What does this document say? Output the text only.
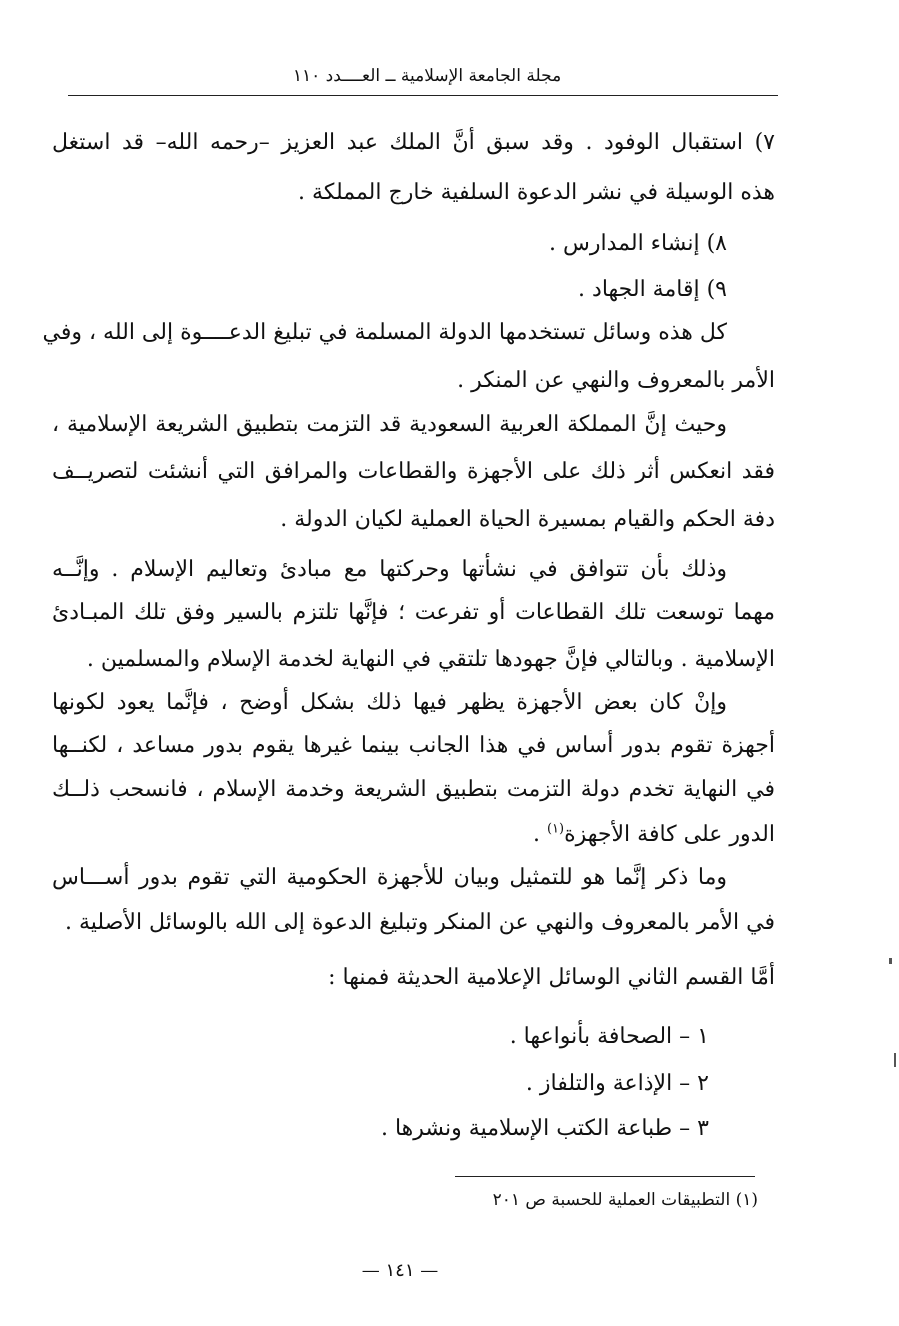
مجلة الجامعة الإسلامية ــ العــــدد ١١٠
٧) استقبال الوفود . وقد سبق أنَّ الملك عبد العزيز –رحمه الله– قد استغل
هذه الوسيلة في نشر الدعوة السلفية خارج المملكة .
٨) إنشاء المدارس .
٩) إقامة الجهاد .
كل هذه وسائل تستخدمها الدولة المسلمة في تبليغ الدعــــوة إلى الله ، وفي
الأمر بالمعروف والنهي عن المنكر .
وحيث إنَّ المملكة العربية السعودية قد التزمت بتطبيق الشريعة الإسلامية ،
فقد انعكس أثر ذلك على الأجهزة والقطاعات والمرافق التي أنشئت لتصريــف
دفة الحكم والقيام بمسيرة الحياة العملية لكيان الدولة .
وذلك بأن تتوافق في نشأتها وحركتها مع مبادئ وتعاليم الإسلام . وإنَّــه
مهما توسعت تلك القطاعات أو تفرعت ؛ فإنَّها تلتزم بالسير وفق تلك المبـادئ
الإسلامية . وبالتالي فإنَّ جهودها تلتقي في النهاية لخدمة الإسلام والمسلمين .
وإنْ كان بعض الأجهزة يظهر فيها ذلك بشكل أوضح ، فإنَّما يعود لكونها
أجهزة تقوم بدور أساس في هذا الجانب بينما غيرها يقوم بدور مساعد ، لكنــها
في النهاية تخدم دولة التزمت بتطبيق الشريعة وخدمة الإسلام ، فانسحب ذلــك
الدور على كافة الأجهزة$^{(١)}$ .
وما ذكر إنَّما هو للتمثيل وبيان للأجهزة الحكومية التي تقوم بدور أســـاس
في الأمر بالمعروف والنهي عن المنكر وتبليغ الدعوة إلى الله بالوسائل الأصلية .
أمَّا القسم الثاني الوسائل الإعلامية الحديثة فمنها :
١ – الصحافة بأنواعها .
٢ – الإذاعة والتلفاز .
٣ – طباعة الكتب الإسلامية ونشرها .
(١) التطبيقات العملية للحسبة ص ٢٠١
— ١٤١ —
